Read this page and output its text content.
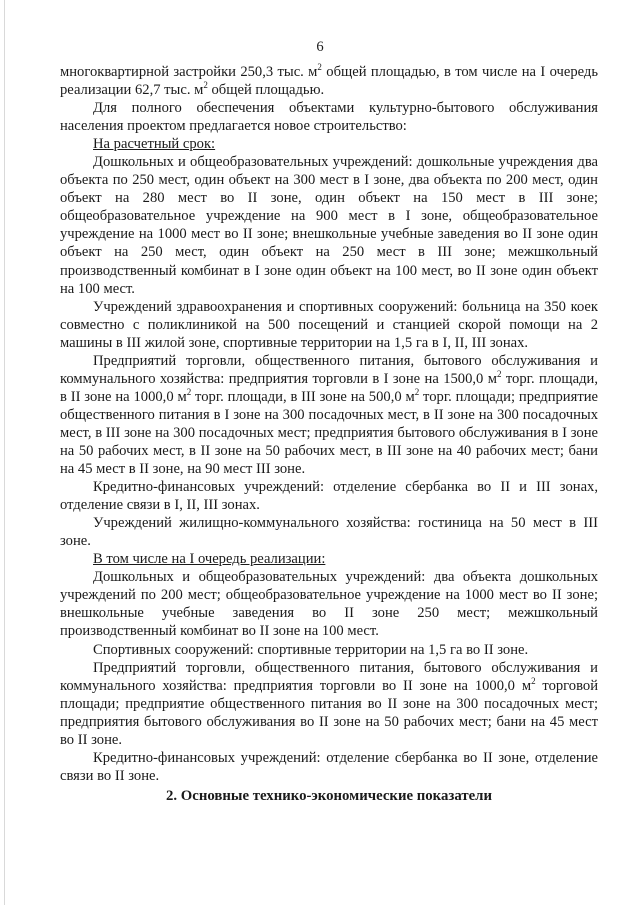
6

многоквартирной застройки 250,3 тыс. $м^2$ общей площадью, в том числе на I очередь реализации 62,7 тыс. $м^2$ общей площадью.

Для полного обеспечения объектами культурно-бытового обслуживания населения проектом предлагается новое строительство:

На расчетный срок:

Дошкольных и общеобразовательных учреждений: дошкольные учреждения два объекта по 250 мест, один объект на 300 мест в I зоне, два объекта по 200 мест, один объект на 280 мест во II зоне, один объект на 150 мест в III зоне; общеобразовательное учреждение на 900 мест в I зоне, общеобразовательное учреждение на 1000 мест во II зоне; внешкольные учебные заведения во II зоне один объект на 250 мест, один объект на 250 мест в III зоне; межшкольный производственный комбинат в I зоне один объект на 100 мест, во II зоне один объект на 100 мест.

Учреждений здравоохранения и спортивных сооружений: больница на 350 коек совместно с поликлиникой на 500 посещений и станцией скорой помощи на 2 машины в III жилой зоне, спортивные территории на 1,5 га в I, II, III зонах.

Предприятий торговли, общественного питания, бытового обслуживания и коммунального хозяйства: предприятия торговли в I зоне на 1500,0 $м^2$ торг. площади, в II зоне на 1000,0 $м^2$ торг. площади, в III зоне на 500,0 $м^2$ торг. площади; предприятие общественного питания в I зоне на 300 посадочных мест, в II зоне на 300 посадочных мест, в III зоне на 300 посадочных мест; предприятия бытового обслуживания в I зоне на 50 рабочих мест, в II зоне на 50 рабочих мест, в III зоне на 40 рабочих мест; бани на 45 мест в II зоне, на 90 мест III зоне.

Кредитно-финансовых учреждений: отделение сбербанка во II и III зонах, отделение связи в I, II, III зонах.

Учреждений жилищно-коммунального хозяйства: гостиница на 50 мест в III зоне.

В том числе на I очередь реализации:

Дошкольных и общеобразовательных учреждений: два объекта дошкольных учреждений по 200 мест; общеобразовательное учреждение на 1000 мест во II зоне; внешкольные учебные заведения во II зоне 250 мест; межшкольный производственный комбинат во II зоне на 100 мест.

Спортивных сооружений: спортивные территории на 1,5 га во II зоне.

Предприятий торговли, общественного питания, бытового обслуживания и коммунального хозяйства: предприятия торговли во II зоне на 1000,0 $м^2$ торговой площади; предприятие общественного питания во II зоне на 300 посадочных мест; предприятия бытового обслуживания во II зоне на 50 рабочих мест; бани на 45 мест во II зоне.

Кредитно-финансовых учреждений: отделение сбербанка во II зоне, отделение связи во II зоне.

2. Основные технико-экономические показатели
